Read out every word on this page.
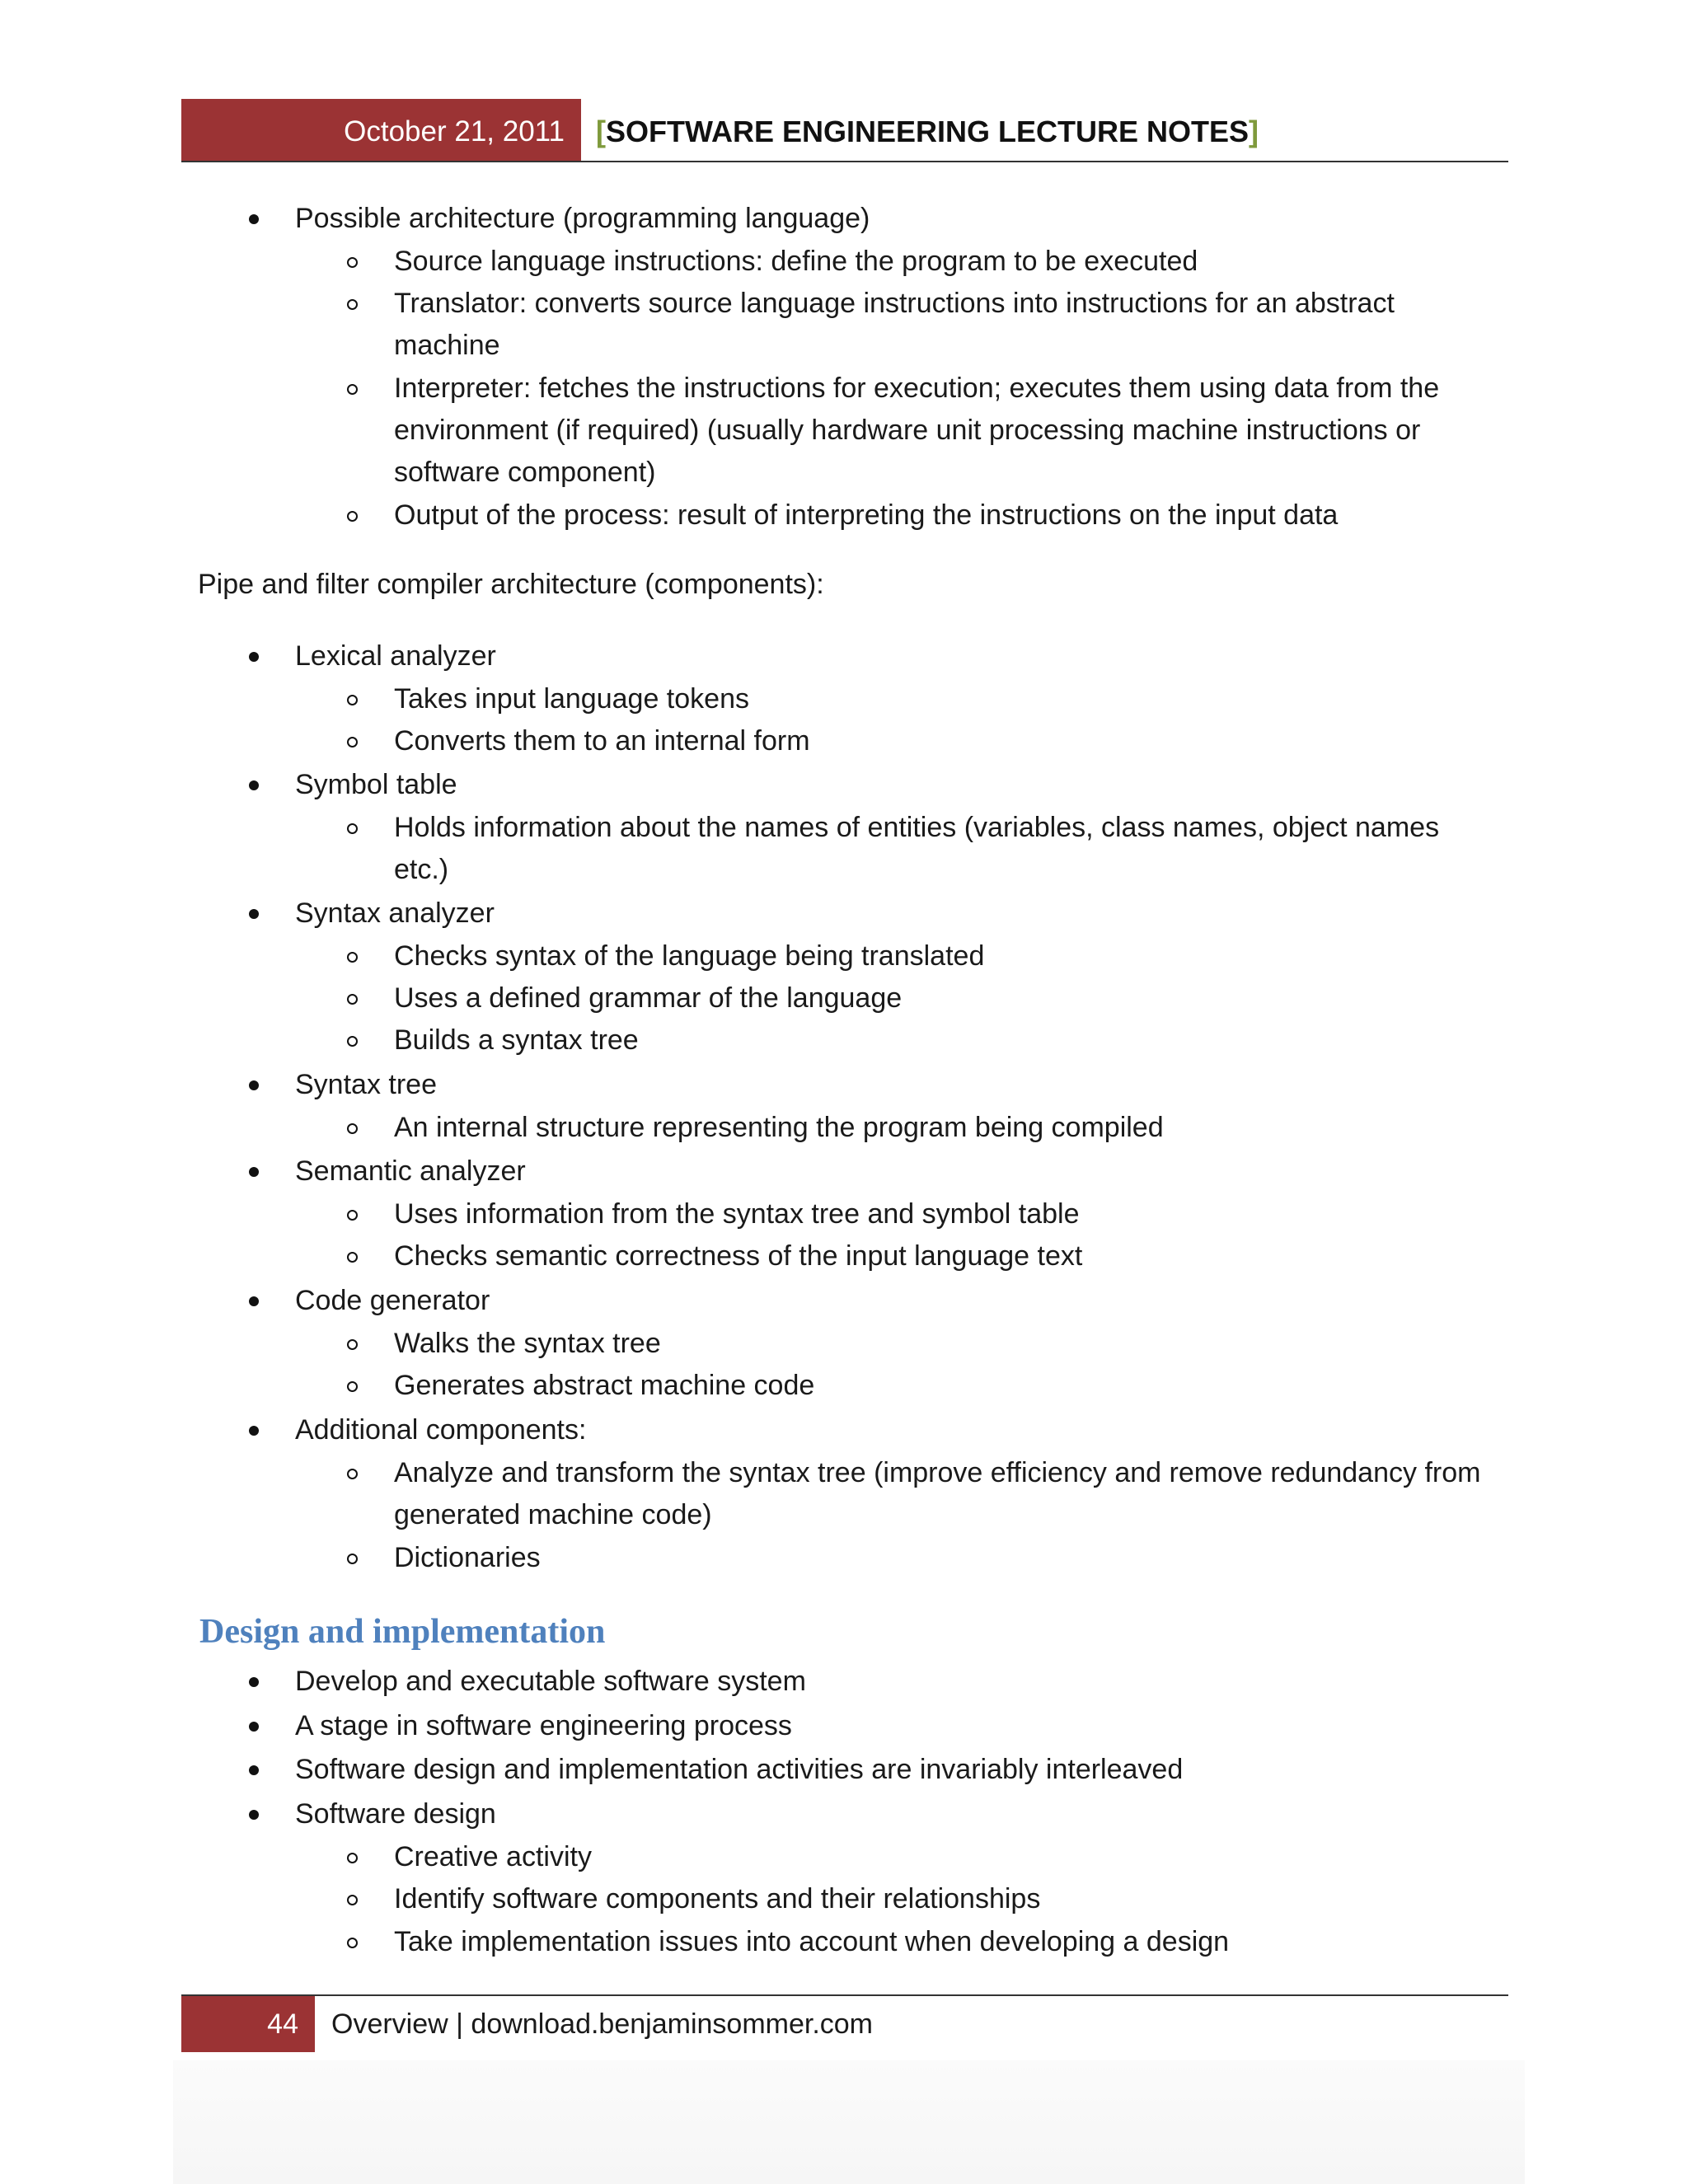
October 21, 2011	[SOFTWARE ENGINEERING LECTURE NOTES]
Possible architecture (programming language)
Source language instructions: define the program to be executed
Translator: converts source language instructions into instructions for an abstract
machine
Interpreter: fetches the instructions for execution; executes them using data from the
environment (if required) (usually hardware unit processing machine instructions or
software component)
Output of the process: result of interpreting the instructions on the input data
Pipe and filter compiler architecture (components):
Lexical analyzer
Takes input language tokens
Converts them to an internal form
Symbol table
Holds information about the names of entities (variables, class names, object names
etc.)
Syntax analyzer
Checks syntax of the language being translated
Uses a defined grammar of the language
Builds a syntax tree
Syntax tree
An internal structure representing the program being compiled
Semantic analyzer
Uses information from the syntax tree and symbol table
Checks semantic correctness of the input language text
Code generator
Walks the syntax tree
Generates abstract machine code
Additional components:
Analyze and transform the syntax tree (improve efficiency and remove redundancy from
generated machine code)
Dictionaries
Design and implementation
Develop and executable software system
A stage in software engineering process
Software design and implementation activities are invariably interleaved
Software design
Creative activity
Identify software components and their relationships
Take implementation issues into account when developing a design
44	Overview | download.benjaminsommer.com
